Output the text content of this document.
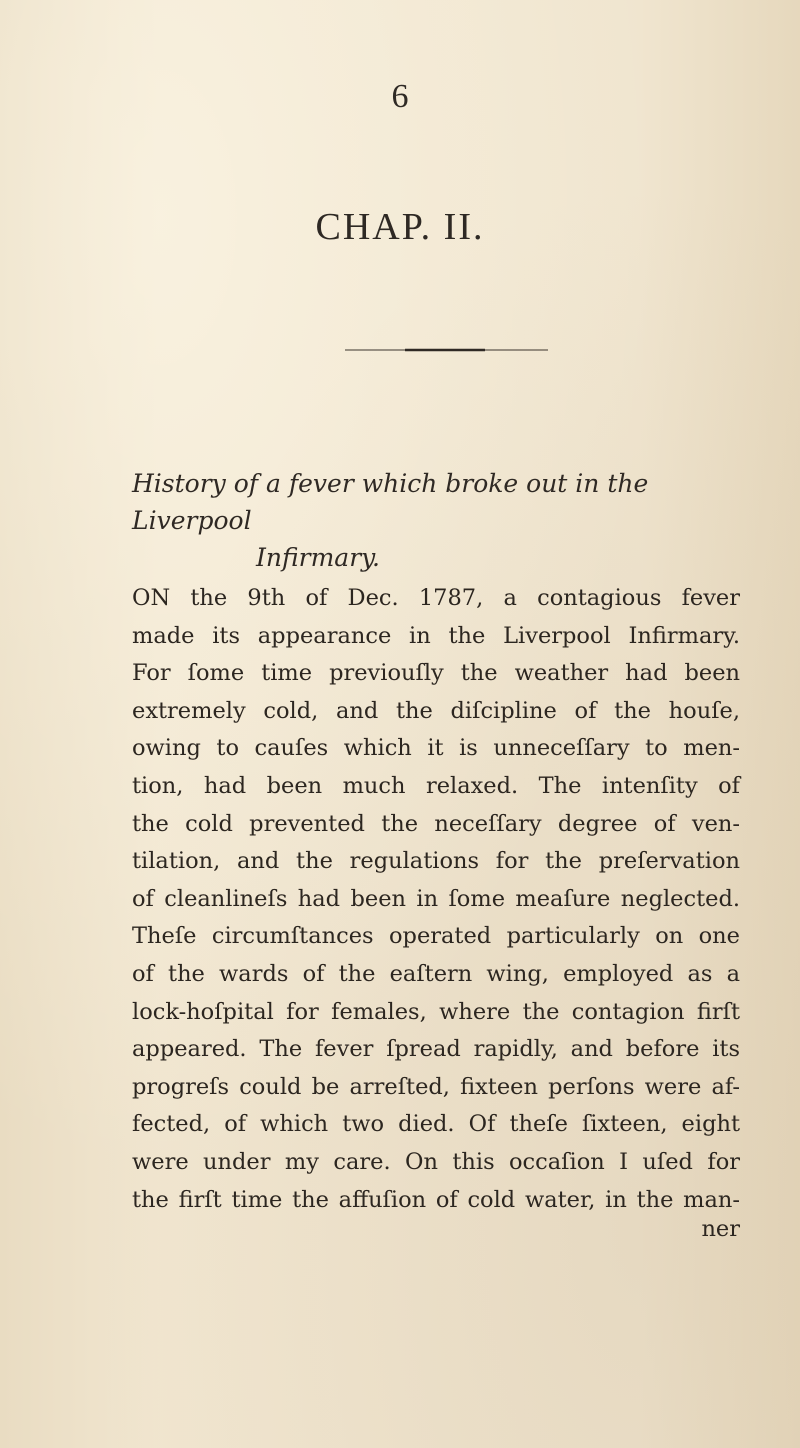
6
CHAP. II.
History of a fever which broke out in the Liverpool
Infirmary.
ON the 9th of Dec. 1787, a contagious fever
made its appearance in the Liverpool Infirmary.
For ſome time previouſly the weather had been
extremely cold, and the diſcipline of the houſe,
owing to cauſes which it is unneceſſary to men-
tion, had been much relaxed. The intenſity of
the cold prevented the neceſſary degree of ven-
tilation, and the regulations for the preſervation
of cleanlineſs had been in ſome meaſure neglected.
Theſe circumſtances operated particularly on one
of the wards of the eaſtern wing, employed as a
lock-hoſpital for females, where the contagion firſt
appeared. The fever ſpread rapidly, and before its
progreſs could be arreſted, fixteen perſons were af-
fected, of which two died. Of theſe ſixteen, eight
were under my care. On this occaſion I uſed for
the firſt time the affuſion of cold water, in the man-
ner
